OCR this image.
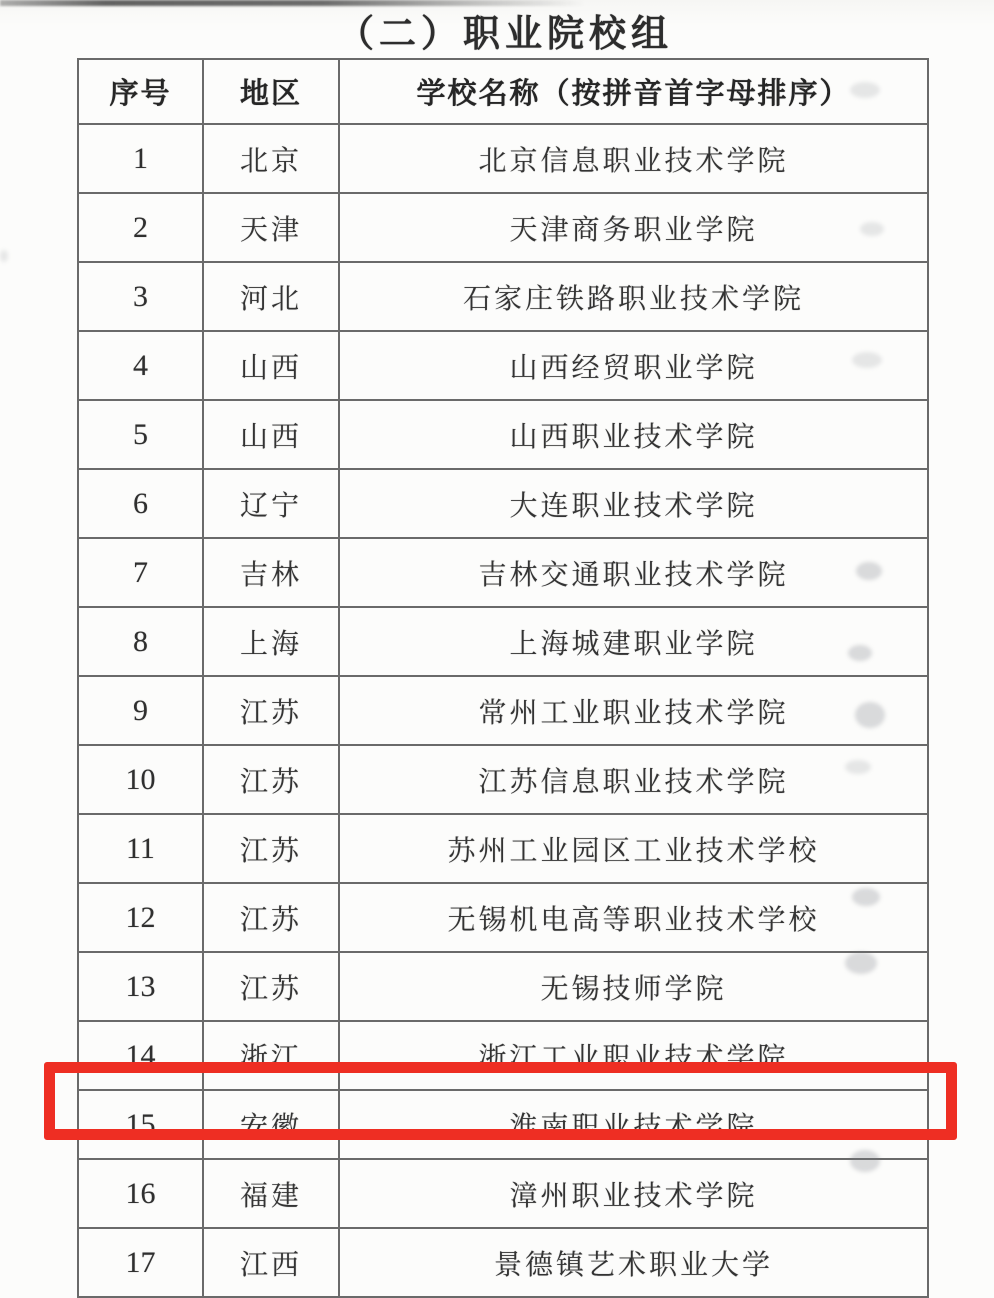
（二）职业院校组
序号	地区	学校名称（按拼音首字母排序）
1	北京	北京信息职业技术学院
2	天津	天津商务职业学院
3	河北	石家庄铁路职业技术学院
4	山西	山西经贸职业学院
5	山西	山西职业技术学院
6	辽宁	大连职业技术学院
7	吉林	吉林交通职业技术学院
8	上海	上海城建职业学院
9	江苏	常州工业职业技术学院
10	江苏	江苏信息职业技术学院
11	江苏	苏州工业园区工业技术学校
12	江苏	无锡机电高等职业技术学校
13	江苏	无锡技师学院
14	浙江	浙江工业职业技术学院
15	安徽	淮南职业技术学院
16	福建	漳州职业技术学院
17	江西	景德镇艺术职业大学
